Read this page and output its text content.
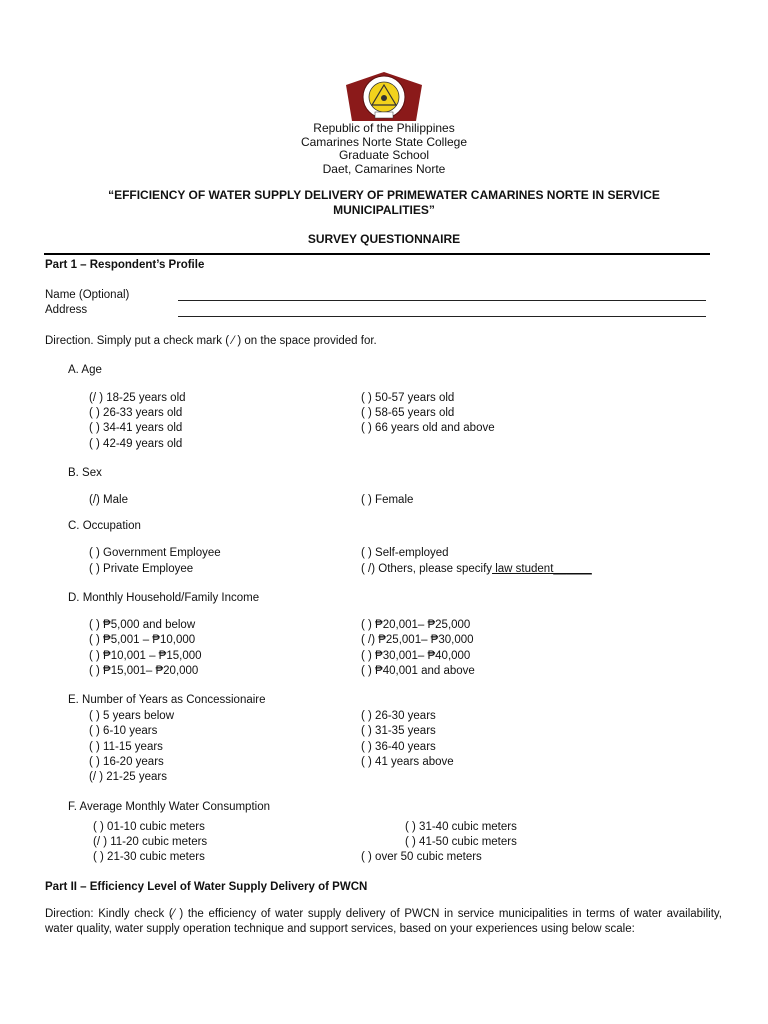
Republic of the Philippines
Camarines Norte State College
Graduate School
Daet, Camarines Norte
“EFFICIENCY OF WATER SUPPLY DELIVERY OF PRIMEWATER CAMARINES NORTE IN SERVICE MUNICIPALITIES”
SURVEY QUESTIONNAIRE
Part 1 – Respondent’s Profile
Name (Optional)
Address
Direction. Simply put a check mark ( ⁄ ) on the space provided for.
A. Age
(/ ) 18-25 years old
( ) 26-33 years old
( ) 34-41 years old
( ) 42-49 years old
( ) 50-57 years old
( ) 58-65 years old
( ) 66 years old and above
B. Sex
(/) Male	( ) Female
C. Occupation
( ) Government Employee
( ) Private Employee
( ) Self-employed
( /) Others, please specify law student______
D. Monthly Household/Family Income
( ) ₱5,000 and below
( ) ₱5,001 – ₱10,000
( ) ₱10,001 – ₱15,000
( ) ₱15,001– ₱20,000
( ) ₱20,001– ₱25,000
( /) ₱25,001– ₱30,000
( ) ₱30,001– ₱40,000
( ) ₱40,001 and above
E. Number of Years as Concessionaire
( ) 5 years below
( ) 6-10 years
( ) 11-15 years
( ) 16-20 years
(/ ) 21-25 years
( ) 26-30 years
( ) 31-35 years
( ) 36-40 years
( ) 41 years above
F. Average Monthly Water Consumption
( ) 01-10 cubic meters
(/ ) 11-20 cubic meters
( ) 21-30 cubic meters
( ) 31-40 cubic meters
( ) 41-50 cubic meters
( ) over 50 cubic meters
Part II – Efficiency Level of Water Supply Delivery of PWCN
Direction: Kindly check (⁄ ) the efficiency of water supply delivery of PWCN in service municipalities in terms of water availability, water quality, water supply operation technique and support services, based on your experiences using below scale:
